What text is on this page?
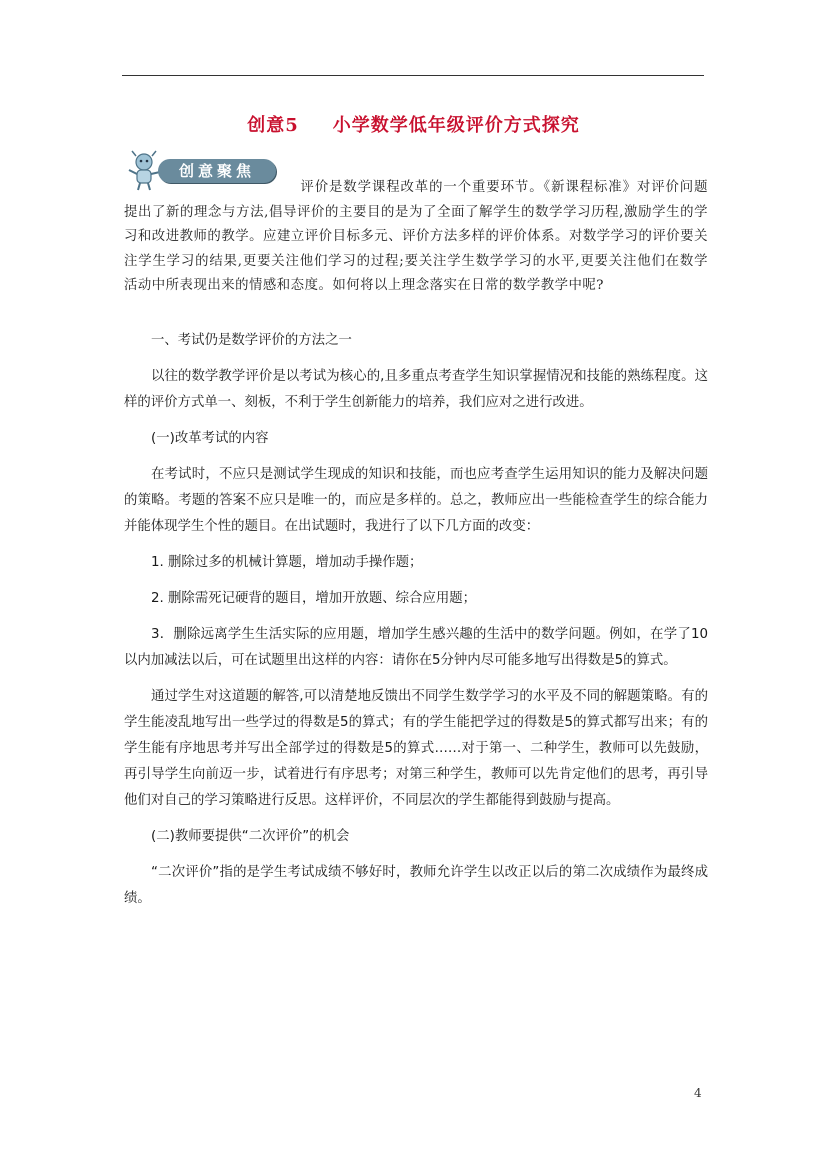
创意5 小学数学低年级评价方式探究
创意聚焦
评价是数学课程改革的一个重要环节。《新课程标准》对评价问题提出了新的理念与方法,倡导评价的主要目的是为了全面了解学生的数学学习历程,激励学生的学习和改进教师的教学。应建立评价目标多元、评价方法多样的评价体系。对数学学习的评价要关注学生学习的结果,更要关注他们学习的过程;要关注学生数学学习的水平,更要关注他们在数学活动中所表现出来的情感和态度。如何将以上理念落实在日常的数学教学中呢?

一、考试仍是数学评价的方法之一

以往的数学教学评价是以考试为核心的,且多重点考查学生知识掌握情况和技能的熟练程度。这样的评价方式单一、刻板，不利于学生创新能力的培养，我们应对之进行改进。

(一)改革考试的内容

在考试时，不应只是测试学生现成的知识和技能，而也应考查学生运用知识的能力及解决问题的策略。考题的答案不应只是唯一的，而应是多样的。总之，教师应出一些能检查学生的综合能力并能体现学生个性的题目。在出试题时，我进行了以下几方面的改变：

1. 删除过多的机械计算题，增加动手操作题；

2. 删除需死记硬背的题目，增加开放题、综合应用题；

3．删除远离学生生活实际的应用题，增加学生感兴趣的生活中的数学问题。例如，在学了10以内加减法以后，可在试题里出这样的内容：请你在5分钟内尽可能多地写出得数是5的算式。

通过学生对这道题的解答,可以清楚地反馈出不同学生数学学习的水平及不同的解题策略。有的学生能凌乱地写出一些学过的得数是5的算式；有的学生能把学过的得数是5的算式都写出来；有的学生能有序地思考并写出全部学过的得数是5的算式……对于第一、二种学生，教师可以先鼓励，再引导学生向前迈一步，试着进行有序思考；对第三种学生，教师可以先肯定他们的思考，再引导他们对自己的学习策略进行反思。这样评价，不同层次的学生都能得到鼓励与提高。

(二)教师要提供“二次评价”的机会

“二次评价”指的是学生考试成绩不够好时，教师允许学生以改正以后的第二次成绩作为最终成绩。

4
